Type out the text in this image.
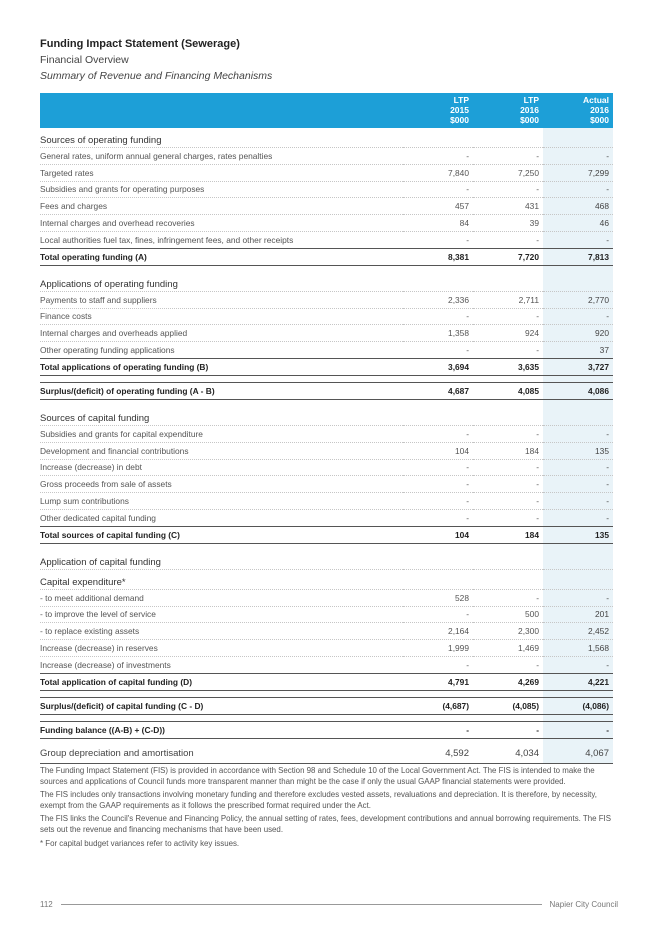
Funding Impact Statement (Sewerage)
Financial Overview
Summary of Revenue and Financing Mechanisms

	LTP
2015
$000	LTP
2016
$000	Actual
2016
$000

Sources of operating funding			
General rates, uniform annual general charges, rates penalties	-	-	-
Targeted rates	7,840	7,250	7,299
Subsidies and grants for operating purposes	-	-	-
Fees and charges	457	431	468
Internal charges and overhead recoveries	84	39	46
Local authorities fuel tax, fines, infringement fees, and other receipts	-	-	-
Total operating funding (A)	8,381	7,720	7,813

Applications of operating funding			
Payments to staff and suppliers	2,336	2,711	2,770
Finance costs	-	-	-
Internal charges and overheads applied	1,358	924	920
Other operating funding applications	-	-	37
Total applications of operating funding (B)	3,694	3,635	3,727

Surplus/(deficit) of operating funding (A - B)	4,687	4,085	4,086

Sources of capital funding			
Subsidies and grants for capital expenditure	-	-	-
Development and financial contributions	104	184	135
Increase (decrease) in debt	-	-	-
Gross proceeds from sale of assets	-	-	-
Lump sum contributions	-	-	-
Other dedicated capital funding	-	-	-
Total sources of capital funding (C)	104	184	135

Application of capital funding			
Capital expenditure*			
- to meet additional demand	528	-	-
- to improve the level of service	-	500	201
- to replace existing assets	2,164	2,300	2,452
Increase (decrease) in reserves	1,999	1,469	1,568
Increase (decrease) of investments	-	-	-
Total application of capital funding (D)	4,791	4,269	4,221

Surplus/(deficit) of capital funding (C - D)	(4,687)	(4,085)	(4,086)

Funding balance ((A-B) + (C-D))	-	-	-

Group depreciation and amortisation	4,592	4,034	4,067

The Funding Impact Statement (FIS) is provided in accordance with Section 98 and Schedule 10 of the Local Government Act. The FIS is intended to make the sources and applications of Council funds more transparent manner than might be the case if only the usual GAAP financial statements were provided.

The FIS includes only transactions involving monetary funding and therefore excludes vested assets, revaluations and depreciation. It is therefore, by necessity, exempt from the GAAP requirements as it follows the prescribed format required under the Act.

The FIS links the Council's Revenue and Financing Policy, the annual setting of rates, fees, development contributions and annual borrowing requirements. The FIS sets out the revenue and financing mechanisms that have been used.

* For capital budget variances refer to activity key issues.

112	Napier City Council
